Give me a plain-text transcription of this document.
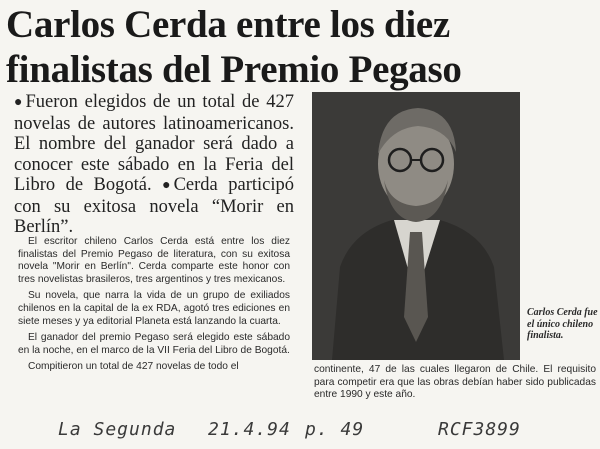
Carlos Cerda entre los diez finalistas del Premio Pegaso

● Fueron elegidos de un total de 427 novelas de autores latinoamericanos. El nombre del ganador será dado a conocer este sábado en la Feria del Libro de Bogotá. ● Cerda participó con su exitosa novela “Morir en Berlín”.

El escritor chileno Carlos Cerda está entre los diez finalistas del Premio Pegaso de literatura, con su exitosa novela "Morir en Berlín". Cerda comparte este honor con tres novelistas brasileros, tres argentinos y tres mexicanos.

Su novela, que narra la vida de un grupo de exiliados chilenos en la capital de la ex RDA, agotó tres ediciones en siete meses y ya editorial Planeta está lanzando la cuarta.

El ganador del premio Pegaso será elegido este sábado en la noche, en el marco de la VII Feria del Libro de Bogotá.

Compitieron un total de 427 novelas de todo el

Carlos Cerda fue el único chileno finalista.

continente, 47 de las cuales llegaron de Chile. El requisito para competir era que las obras debían haber sido publicadas entre 1990 y este año.

La Segunda 21.4.94 p. 49	RCF3899
